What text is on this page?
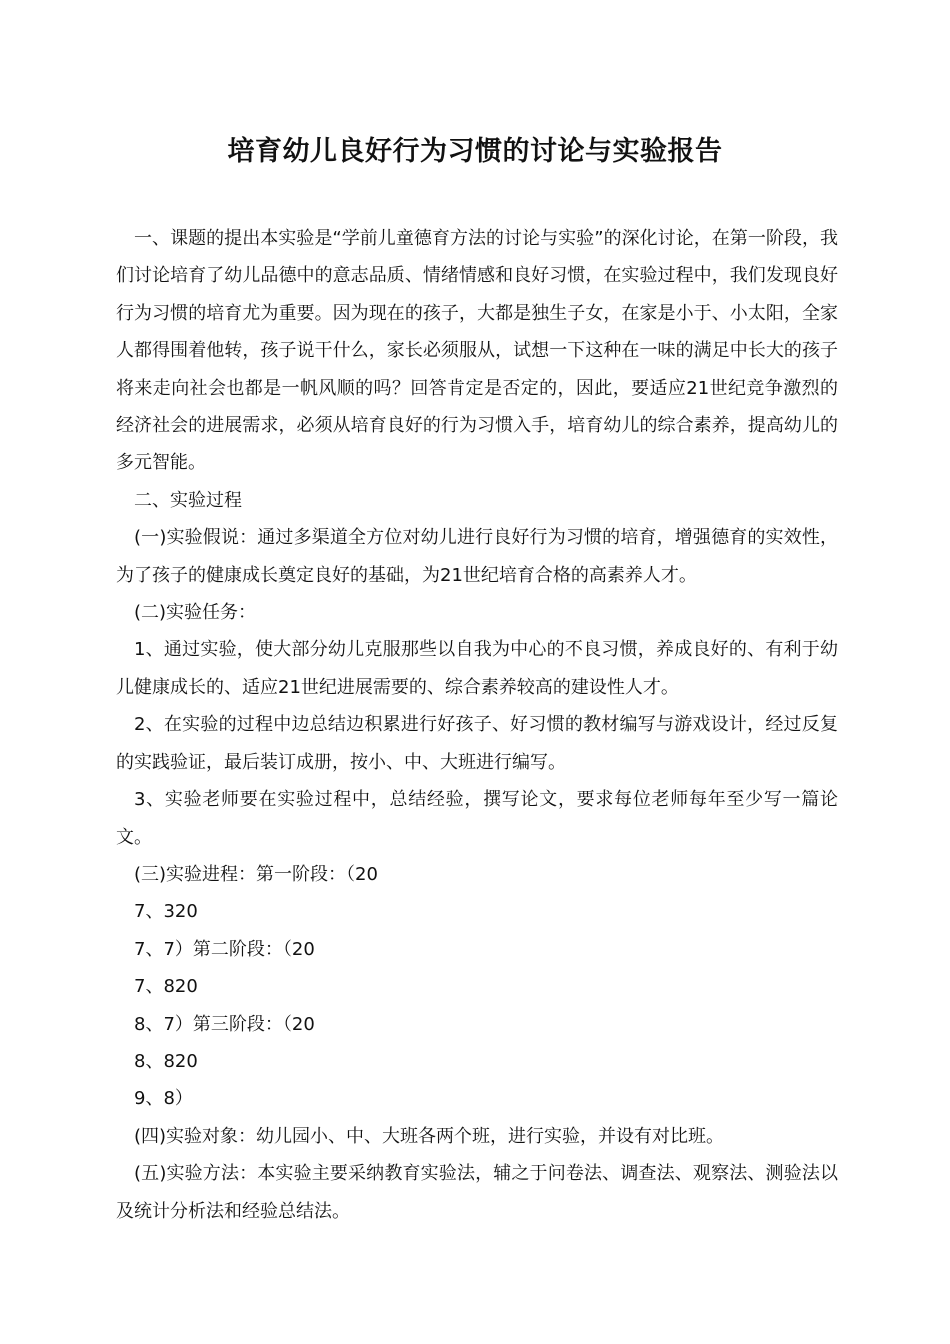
培育幼儿良好行为习惯的讨论与实验报告

一、课题的提出本实验是“学前儿童德育方法的讨论与实验”的深化讨论，在第一阶段，我们讨论培育了幼儿品德中的意志品质、情绪情感和良好习惯，在实验过程中，我们发现良好行为习惯的培育尤为重要。因为现在的孩子，大都是独生子女，在家是小于、小太阳，全家人都得围着他转，孩子说干什么，家长必须服从，试想一下这种在一味的满足中长大的孩子将来走向社会也都是一帆风顺的吗？回答肯定是否定的，因此，要适应21世纪竞争激烈的经济社会的进展需求，必须从培育良好的行为习惯入手，培育幼儿的综合素养，提高幼儿的多元智能。

二、实验过程

(一)实验假说：通过多渠道全方位对幼儿进行良好行为习惯的培育，增强德育的实效性，为了孩子的健康成长奠定良好的基础，为21世纪培育合格的高素养人才。

(二)实验任务：

1、通过实验，使大部分幼儿克服那些以自我为中心的不良习惯，养成良好的、有利于幼儿健康成长的、适应21世纪进展需要的、综合素养较高的建设性人才。

2、在实验的过程中边总结边积累进行好孩子、好习惯的教材编写与游戏设计，经过反复的实践验证，最后装订成册，按小、中、大班进行编写。

3、实验老师要在实验过程中，总结经验，撰写论文，要求每位老师每年至少写一篇论文。

(三)实验进程：第一阶段：（20

7、320

7、7）第二阶段：（20

7、820

8、7）第三阶段：（20

8、820

9、8）

(四)实验对象：幼儿园小、中、大班各两个班，进行实验，并设有对比班。

(五)实验方法：本实验主要采纳教育实验法，辅之于问卷法、调查法、观察法、测验法以及统计分析法和经验总结法。
